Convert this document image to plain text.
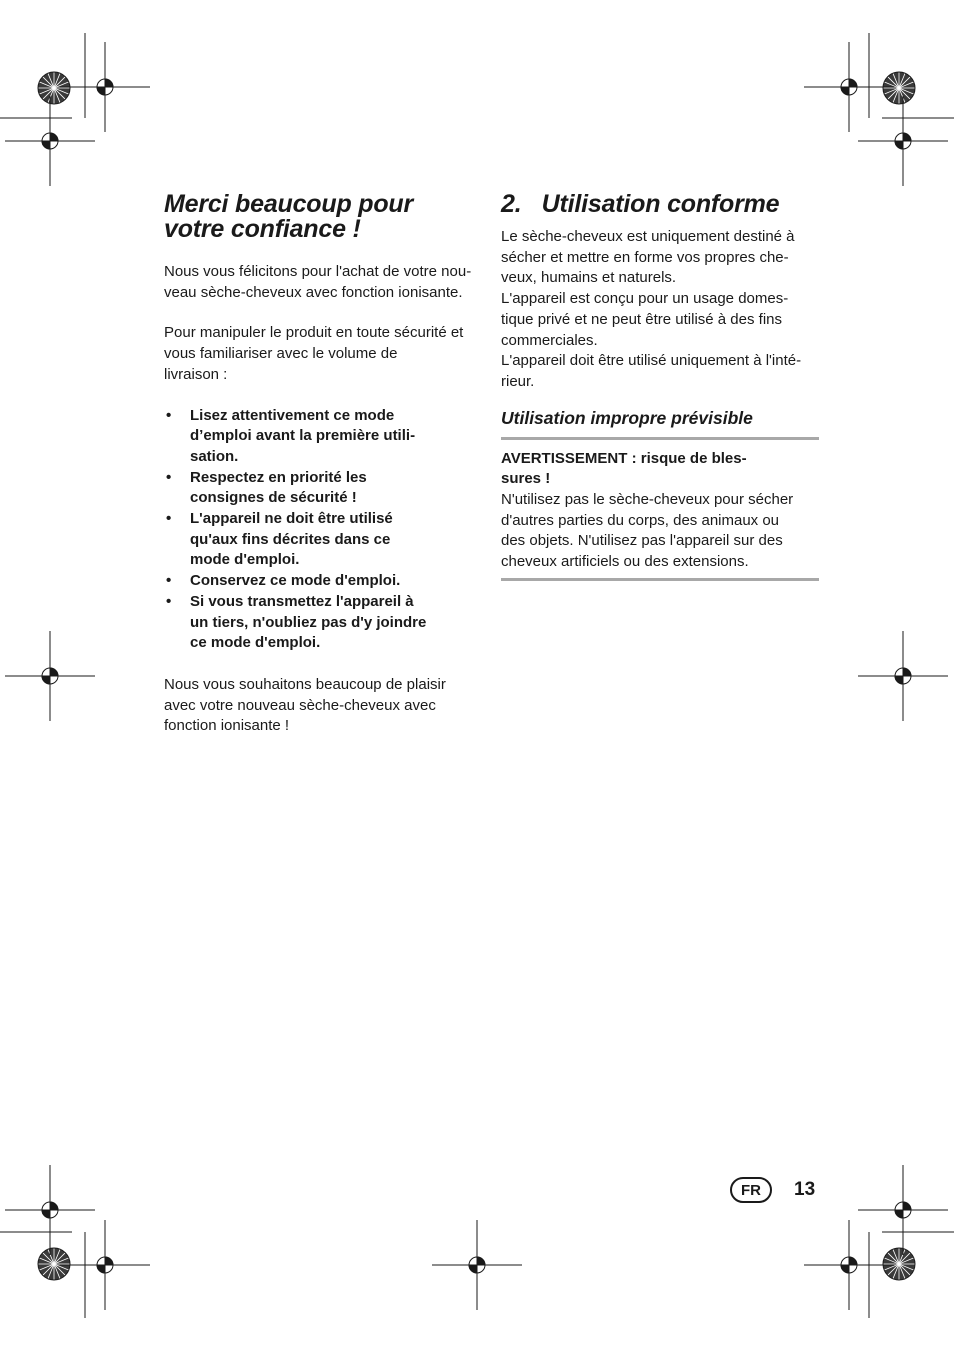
Merci beaucoup pour
votre confiance !

Nous vous félicitons pour l'achat de votre nou-
veau sèche-cheveux avec fonction ionisante.

Pour manipuler le produit en toute sécurité et
vous familiariser avec le volume de
livraison :

• Lisez attentivement ce mode
d’emploi avant la première utili-
sation.
• Respectez en priorité les
consignes de sécurité !
• L'appareil ne doit être utilisé
qu'aux fins décrites dans ce
mode d'emploi.
• Conservez ce mode d'emploi.
• Si vous transmettez l'appareil à
un tiers, n'oubliez pas d'y joindre
ce mode d'emploi.

Nous vous souhaitons beaucoup de plaisir
avec votre nouveau sèche-cheveux avec
fonction ionisante !

2.   Utilisation conforme

Le sèche-cheveux est uniquement destiné à
sécher et mettre en forme vos propres che-
veux, humains et naturels.
L'appareil est conçu pour un usage domes-
tique privé et ne peut être utilisé à des fins
commerciales.
L'appareil doit être utilisé uniquement à l'inté-
rieur.

Utilisation impropre prévisible
AVERTISSEMENT : risque de bles-
sures !

N'utilisez pas le sèche-cheveux pour sécher
d'autres parties du corps, des animaux ou
des objets. N'utilisez pas l'appareil sur des
cheveux artificiels ou des extensions.

FR	13
